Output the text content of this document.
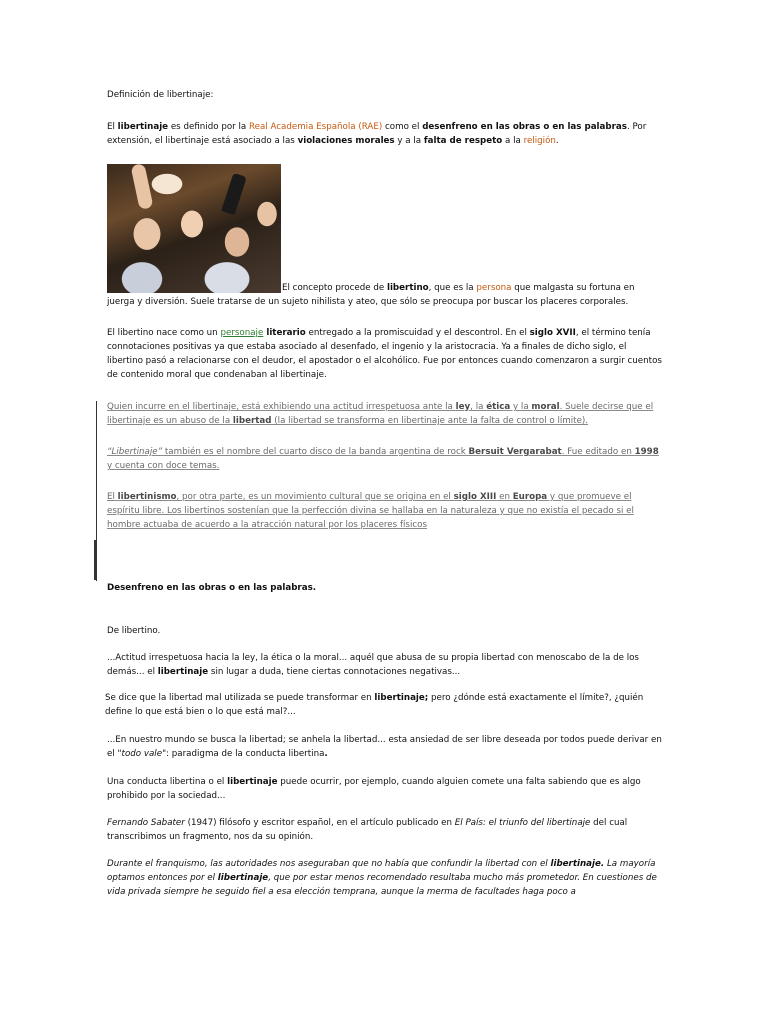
Definición de libertinaje:

El libertinaje es definido por la Real Academia Española (RAE) como el desenfreno en las obras o en las palabras. Por extensión, el libertinaje está asociado a las violaciones morales y a la falta de respeto a la religión.

El concepto procede de libertino, que es la persona que malgasta su fortuna en juerga y diversión. Suele tratarse de un sujeto nihilista y ateo, que sólo se preocupa por buscar los placeres corporales.

El libertino nace como un personaje literario entregado a la promiscuidad y el descontrol. En el siglo XVII, el término tenía connotaciones positivas ya que estaba asociado al desenfado, el ingenio y la aristocracia. Ya a finales de dicho siglo, el libertino pasó a relacionarse con el deudor, el apostador o el alcohólico. Fue por entonces cuando comenzaron a surgir cuentos de contenido moral que condenaban al libertinaje.

Quien incurre en el libertinaje, está exhibiendo una actitud irrespetuosa ante la ley, la ética y la moral. Suele decirse que el libertinaje es un abuso de la libertad (la libertad se transforma en libertinaje ante la falta de control o límite).

“Libertinaje” también es el nombre del cuarto disco de la banda argentina de rock Bersuit Vergarabat. Fue editado en 1998 y cuenta con doce temas.

El libertinismo, por otra parte, es un movimiento cultural que se origina en el siglo XIII en Europa y que promueve el espíritu libre. Los libertinos sostenían que la perfección divina se hallaba en la naturaleza y que no existía el pecado si el hombre actuaba de acuerdo a la atracción natural por los placeres físicos

Desenfreno en las obras o en las palabras.

De libertino.

...Actitud irrespetuosa hacia la ley, la ética o la moral... aquél que abusa de su propia libertad con menoscabo de la de los demás... el libertinaje sin lugar a duda, tiene ciertas connotaciones negativas...

Se dice que la libertad mal utilizada se puede transformar en libertinaje; pero ¿dónde está exactamente el límite?, ¿quién define lo que está bien o lo que está mal?...

...En nuestro mundo se busca la libertad; se anhela la libertad... esta ansiedad de ser libre deseada por todos puede derivar en el "todo vale": paradigma de la conducta libertina.

Una conducta libertina o el libertinaje puede ocurrir, por ejemplo, cuando alguien comete una falta sabiendo que es algo prohibido por la sociedad...

Fernando Sabater (1947) filósofo y escritor español, en el artículo publicado en El País: el triunfo del libertinaje del cual transcribimos un fragmento, nos da su opinión.

Durante el franquismo, las autoridades nos aseguraban que no había que confundir la libertad con el libertinaje. La mayoría optamos entonces por el libertinaje, que por estar menos recomendado resultaba mucho más prometedor. En cuestiones de vida privada siempre he seguido fiel a esa elección temprana, aunque la merma de facultades haga poco a
